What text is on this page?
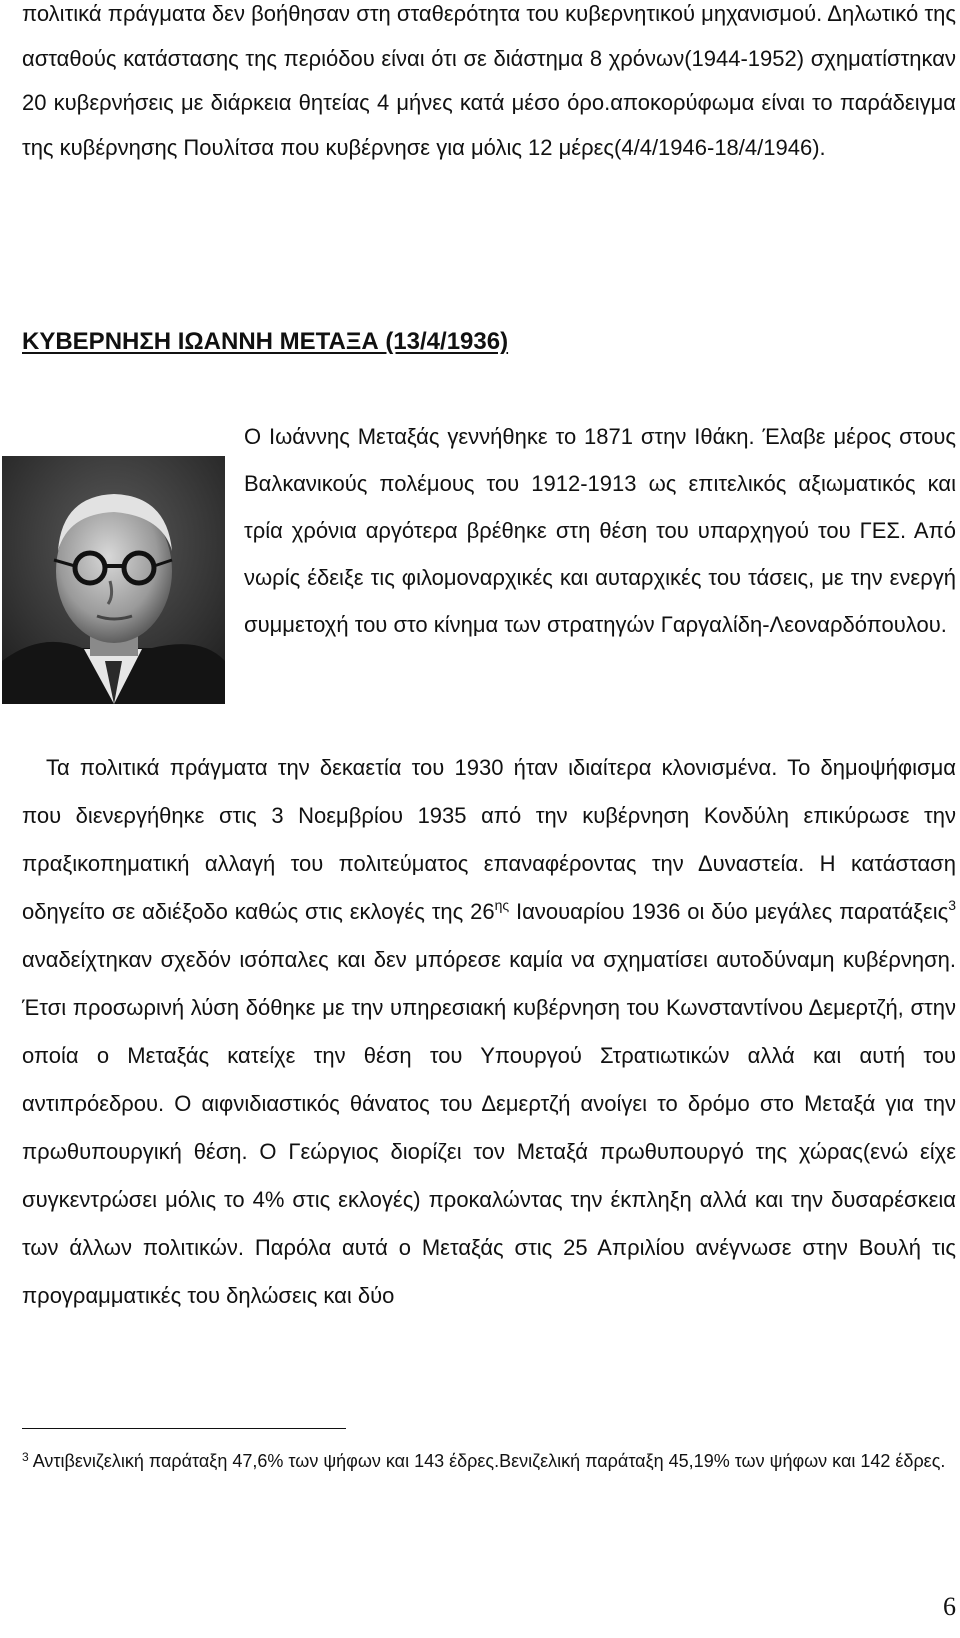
πολιτικά πράγματα δεν βοήθησαν στη σταθερότητα του κυβερνητικού μηχανισμού. Δηλωτικό της ασταθούς κατάστασης της περιόδου είναι ότι σε διάστημα 8 χρόνων(1944-1952) σχηματίστηκαν 20 κυβερνήσεις με διάρκεια θητείας 4 μήνες κατά μέσο όρο.αποκορύφωμα είναι το παράδειγμα της κυβέρνησης Πουλίτσα που κυβέρνησε για μόλις 12 μέρες(4/4/1946-18/4/1946).

ΚΥΒΕΡΝΗΣΗ ΙΩΑΝΝΗ ΜΕΤΑΞΑ (13/4/1936)

Ο Ιωάννης Μεταξάς γεννήθηκε το 1871 στην Ιθάκη. Έλαβε μέρος στους Βαλκανικούς πολέμους του 1912-1913 ως επιτελικός αξιωματικός και τρία χρόνια αργότερα βρέθηκε στη θέση του υπαρχηγού του ΓΕΣ. Από νωρίς έδειξε τις φιλομοναρχικές και αυταρχικές του τάσεις, με την ενεργή συμμετοχή του στο κίνημα των στρατηγών Γαργαλίδη-Λεοναρδόπουλου.

Τα πολιτικά πράγματα την δεκαετία του 1930 ήταν ιδιαίτερα κλονισμένα. Το δημοψήφισμα που διενεργήθηκε στις 3 Νοεμβρίου 1935 από την κυβέρνηση Κονδύλη επικύρωσε την πραξικοπηματική αλλαγή του πολιτεύματος επαναφέροντας την Δυναστεία. Η κατάσταση οδηγείτο σε αδιέξοδο καθώς στις εκλογές της $26^{\eta\varsigma}$ Ιανουαρίου 1936 οι δύο μεγάλες παρατάξεις$^3$ αναδείχτηκαν σχεδόν ισόπαλες και δεν μπόρεσε καμία να σχηματίσει αυτοδύναμη κυβέρνηση. Έτσι προσωρινή λύση δόθηκε με την υπηρεσιακή κυβέρνηση του Κωνσταντίνου Δεμερτζή, στην οποία ο Μεταξάς κατείχε την θέση του Υπουργού Στρατιωτικών αλλά και αυτή του αντιπρόεδρου. Ο αιφνιδιαστικός θάνατος του Δεμερτζή ανοίγει το δρόμο στο Μεταξά για την πρωθυπουργική θέση. Ο Γεώργιος διορίζει τον Μεταξά πρωθυπουργό της χώρας(ενώ είχε συγκεντρώσει μόλις το 4% στις εκλογές) προκαλώντας την έκπληξη αλλά και την δυσαρέσκεια των άλλων πολιτικών. Παρόλα αυτά ο Μεταξάς στις 25 Απριλίου ανέγνωσε στην Βουλή τις προγραμματικές του δηλώσεις και δύο

$^3$ Αντιβενιζελική παράταξη 47,6% των ψήφων και 143 έδρες.Βενιζελική παράταξη 45,19% των ψήφων και 142 έδρες.

6
